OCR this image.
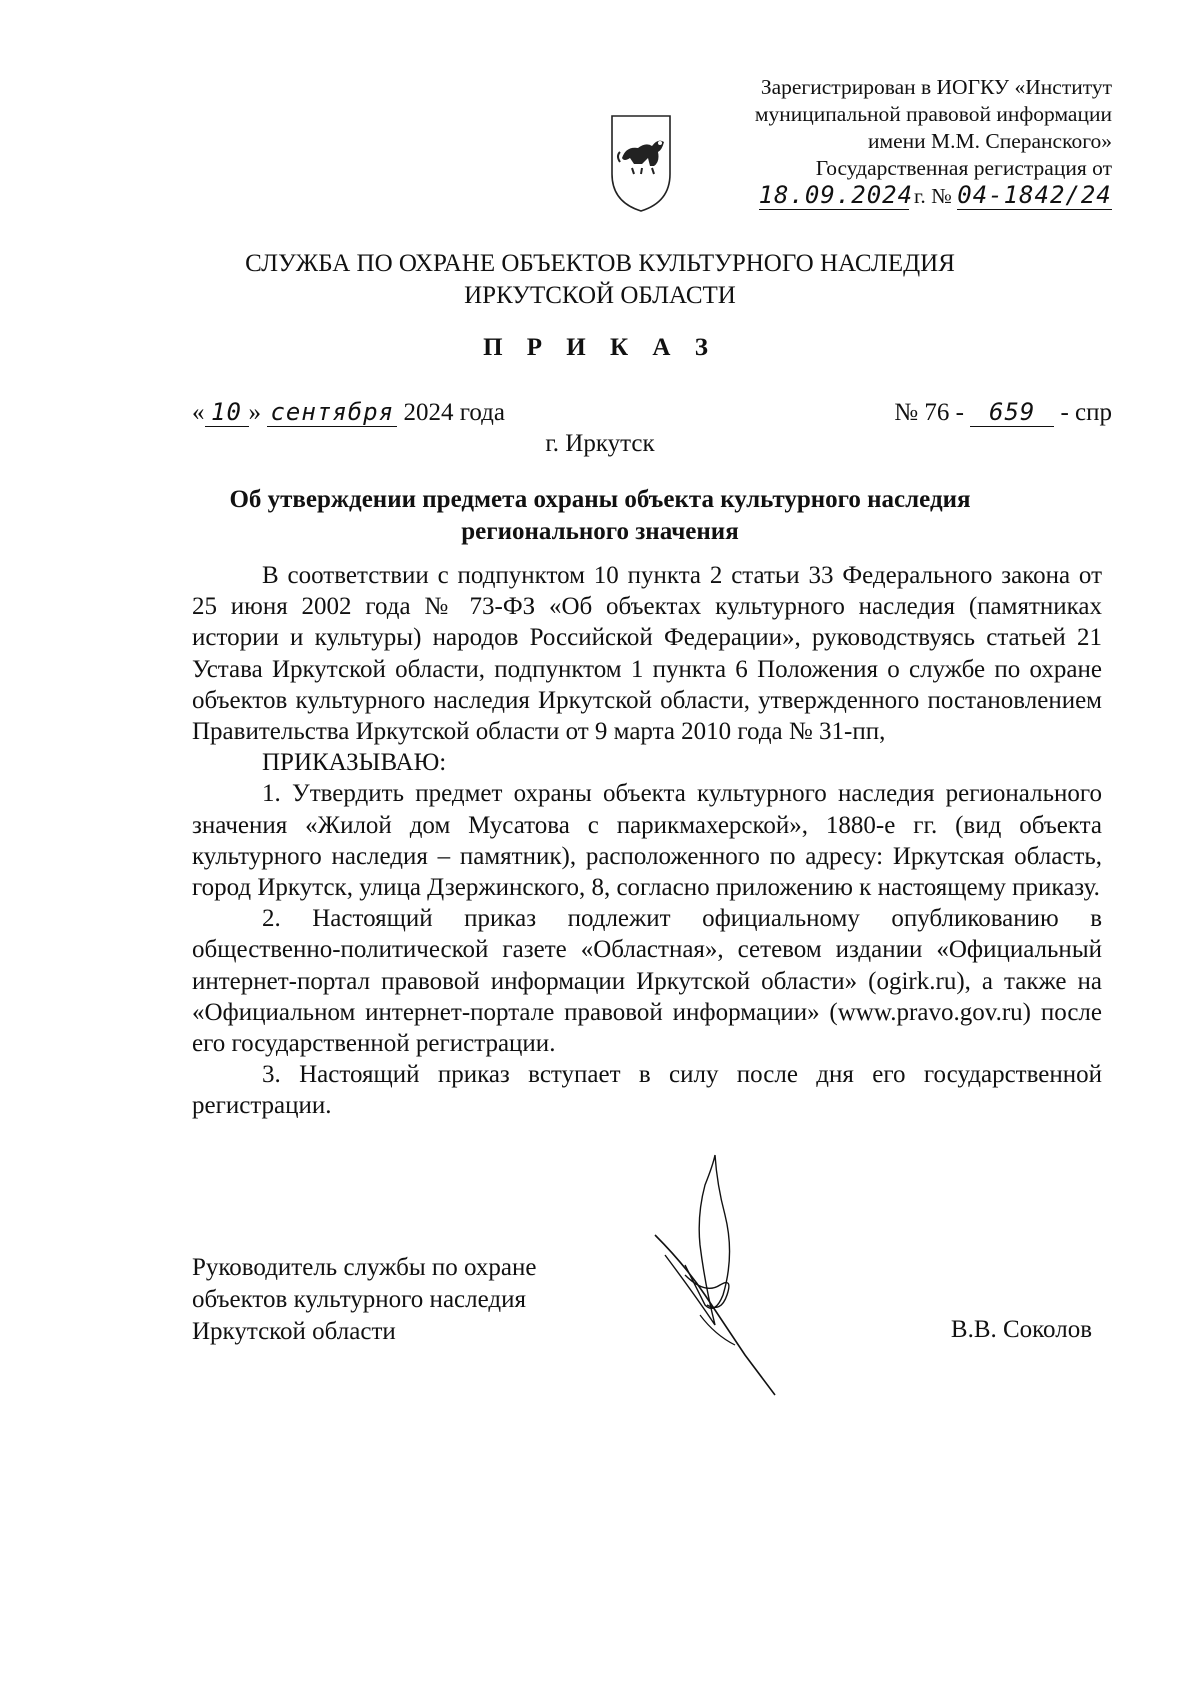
Зарегистрирован в ИОГКУ «Институт
муниципальной правовой информации
имени М.М. Сперанского»
Государственная регистрация от
18.09.2024 г. № 04-1842/24
СЛУЖБА ПО ОХРАНЕ ОБЪЕКТОВ КУЛЬТУРНОГО НАСЛЕДИЯ
ИРКУТСКОЙ ОБЛАСТИ
П Р И К А З
« 10 » сентября 2024 года	№ 76 - 659 - спр
г. Иркутск
Об утверждении предмета охраны объекта культурного наследия
регионального значения

В соответствии с подпунктом 10 пункта 2 статьи 33 Федерального закона от 25 июня 2002 года № 73-ФЗ «Об объектах культурного наследия (памятниках истории и культуры) народов Российской Федерации», руководствуясь статьей 21 Устава Иркутской области, подпунктом 1 пункта 6 Положения о службе по охране объектов культурного наследия Иркутской области, утвержденного постановлением Правительства Иркутской области от 9 марта 2010 года № 31-пп,

ПРИКАЗЫВАЮ:

1. Утвердить предмет охраны объекта культурного наследия регионального значения «Жилой дом Мусатова с парикмахерской», 1880-е гг. (вид объекта культурного наследия – памятник), расположенного по адресу: Иркутская область, город Иркутск, улица Дзержинского, 8, согласно приложению к настоящему приказу.

2. Настоящий приказ подлежит официальному опубликованию в общественно-политической газете «Областная», сетевом издании «Официальный интернет-портал правовой информации Иркутской области» (ogirk.ru), а также на «Официальном интернет-портале правовой информации» (www.pravo.gov.ru) после его государственной регистрации.

3. Настоящий приказ вступает в силу после дня его государственной регистрации.

Руководитель службы по охране
объектов культурного наследия
Иркутской области	В.В. Соколов
